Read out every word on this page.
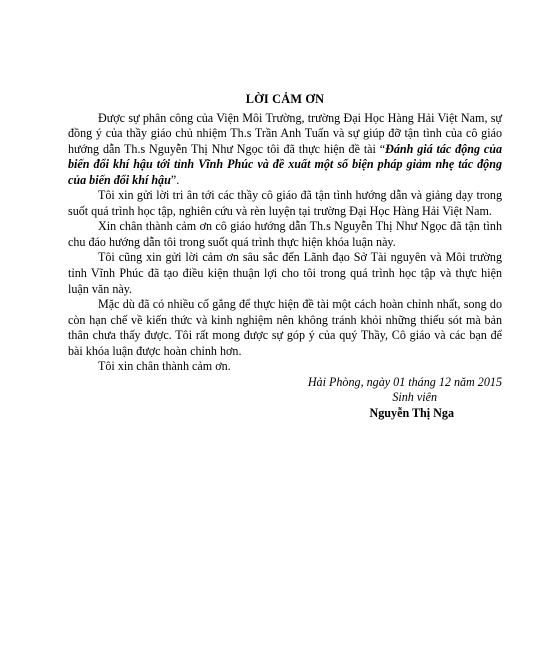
LỜI CẢM ƠN

Được sự phân công của Viện Môi Trường, trường Đại Học Hàng Hải Việt Nam, sự đồng ý của thầy giáo chủ nhiệm Th.s Trần Anh Tuấn và sự giúp đỡ tận tình của cô giáo hướng dẫn Th.s Nguyễn Thị Như Ngọc tôi đã thực hiện đề tài “Đánh giá tác động của biến đổi khí hậu tới tỉnh Vĩnh Phúc và đề xuất một số biện pháp giảm nhẹ tác động của biến đổi khí hậu”.

Tôi xin gửi lời tri ân tới các thầy cô giáo đã tận tình hướng dẫn và giảng dạy trong suốt quá trình học tập, nghiên cứu và rèn luyện tại trường Đại Học Hàng Hải Việt Nam.

Xin chân thành cảm ơn cô giáo hướng dẫn Th.s Nguyễn Thị Như Ngọc đã tận tình chu đáo hướng dẫn tôi trong suốt quá trình thực hiện khóa luận này.

Tôi cũng xin gửi lời cảm ơn sâu sắc đến Lãnh đạo Sở Tài nguyên và Môi trường tỉnh Vĩnh Phúc đã tạo điều kiện thuận lợi cho tôi trong quá trình học tập và thực hiện luận văn này.

Mặc dù đã có nhiều cố gắng để thực hiện đề tài một cách hoàn chỉnh nhất, song do còn hạn chế về kiến thức và kinh nghiệm nên không tránh khỏi những thiếu sót mà bản thân chưa thấy được. Tôi rất mong được sự góp ý của quý Thầy, Cô giáo và các bạn để bài khóa luận được hoàn chỉnh hơn.

Tôi xin chân thành cảm ơn.

Hải Phòng, ngày 01 tháng 12 năm 2015

Sinh viên

Nguyễn Thị Nga
